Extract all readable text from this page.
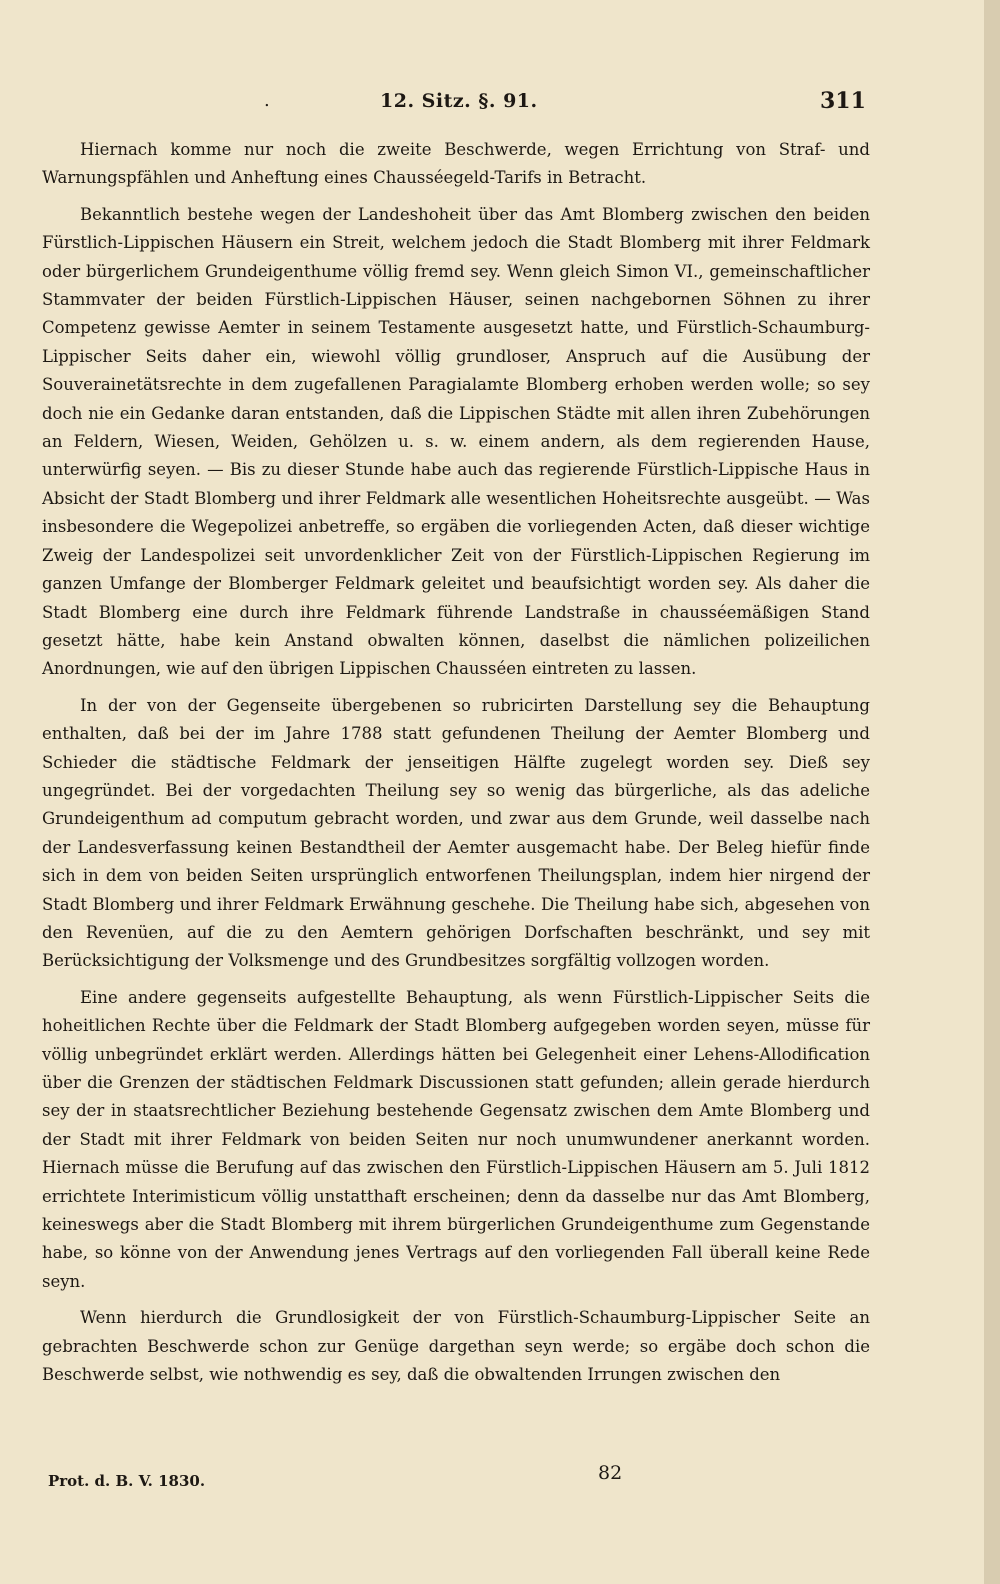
.	12. Sitz. §. 91.	311

Hiernach komme nur noch die zweite Beschwerde, wegen Errichtung von Straf- und Warnungspfählen und Anheftung eines Chausséegeld-Tarifs in Betracht.

Bekanntlich bestehe wegen der Landeshoheit über das Amt Blomberg zwischen den beiden Fürstlich-Lippischen Häusern ein Streit, welchem jedoch die Stadt Blomberg mit ihrer Feldmark oder bürgerlichem Grundeigenthume völlig fremd sey. Wenn gleich Simon VI., gemeinschaftlicher Stammvater der beiden Fürstlich-Lippischen Häuser, seinen nachgebornen Söhnen zu ihrer Competenz gewisse Aemter in seinem Testamente ausgesetzt hatte, und Fürstlich-Schaumburg-Lippischer Seits daher ein, wiewohl völlig grundloser, Anspruch auf die Ausübung der Souverainetätsrechte in dem zugefallenen Paragialamte Blomberg erhoben werden wolle; so sey doch nie ein Gedanke daran entstanden, daß die Lippischen Städte mit allen ihren Zubehörungen an Feldern, Wiesen, Weiden, Gehölzen u. s. w. einem andern, als dem regierenden Hause, unterwürfig seyen. — Bis zu dieser Stunde habe auch das regierende Fürstlich-Lippische Haus in Absicht der Stadt Blomberg und ihrer Feldmark alle wesentlichen Hoheitsrechte ausgeübt. — Was insbesondere die Wegepolizei anbetreffe, so ergäben die vorliegenden Acten, daß dieser wichtige Zweig der Landespolizei seit unvordenklicher Zeit von der Fürstlich-Lippischen Regierung im ganzen Umfange der Blomberger Feldmark geleitet und beaufsichtigt worden sey. Als daher die Stadt Blomberg eine durch ihre Feldmark führende Landstraße in chausséemäßigen Stand gesetzt hätte, habe kein Anstand obwalten können, daselbst die nämlichen polizeilichen Anordnungen, wie auf den übrigen Lippischen Chausséen eintreten zu lassen.

In der von der Gegenseite übergebenen so rubricirten Darstellung sey die Behauptung enthalten, daß bei der im Jahre 1788 statt gefundenen Theilung der Aemter Blomberg und Schieder die städtische Feldmark der jenseitigen Hälfte zugelegt worden sey. Dieß sey ungegründet. Bei der vorgedachten Theilung sey so wenig das bürgerliche, als das adeliche Grundeigenthum ad computum gebracht worden, und zwar aus dem Grunde, weil dasselbe nach der Landesverfassung keinen Bestandtheil der Aemter ausgemacht habe. Der Beleg hiefür finde sich in dem von beiden Seiten ursprünglich entworfenen Theilungsplan, indem hier nirgend der Stadt Blomberg und ihrer Feldmark Erwähnung geschehe. Die Theilung habe sich, abgesehen von den Revenüen, auf die zu den Aemtern gehörigen Dorfschaften beschränkt, und sey mit Berücksichtigung der Volksmenge und des Grundbesitzes sorgfältig vollzogen worden.

Eine andere gegenseits aufgestellte Behauptung, als wenn Fürstlich-Lippischer Seits die hoheitlichen Rechte über die Feldmark der Stadt Blomberg aufgegeben worden seyen, müsse für völlig unbegründet erklärt werden. Allerdings hätten bei Gelegenheit einer Lehens-Allodification über die Grenzen der städtischen Feldmark Discussionen statt gefunden; allein gerade hierdurch sey der in staatsrechtlicher Beziehung bestehende Gegensatz zwischen dem Amte Blomberg und der Stadt mit ihrer Feldmark von beiden Seiten nur noch unumwundener anerkannt worden. Hiernach müsse die Berufung auf das zwischen den Fürstlich-Lippischen Häusern am 5. Juli 1812 errichtete Interimisticum völlig unstatthaft erscheinen; denn da dasselbe nur das Amt Blomberg, keineswegs aber die Stadt Blomberg mit ihrem bürgerlichen Grundeigenthume zum Gegenstande habe, so könne von der Anwendung jenes Vertrags auf den vorliegenden Fall überall keine Rede seyn.

Wenn hierdurch die Grundlosigkeit der von Fürstlich-Schaumburg-Lippischer Seite an gebrachten Beschwerde schon zur Genüge dargethan seyn werde; so ergäbe doch schon die Beschwerde selbst, wie nothwendig es sey, daß die obwaltenden Irrungen zwischen den

Prot. d. B. V. 1830.	82
